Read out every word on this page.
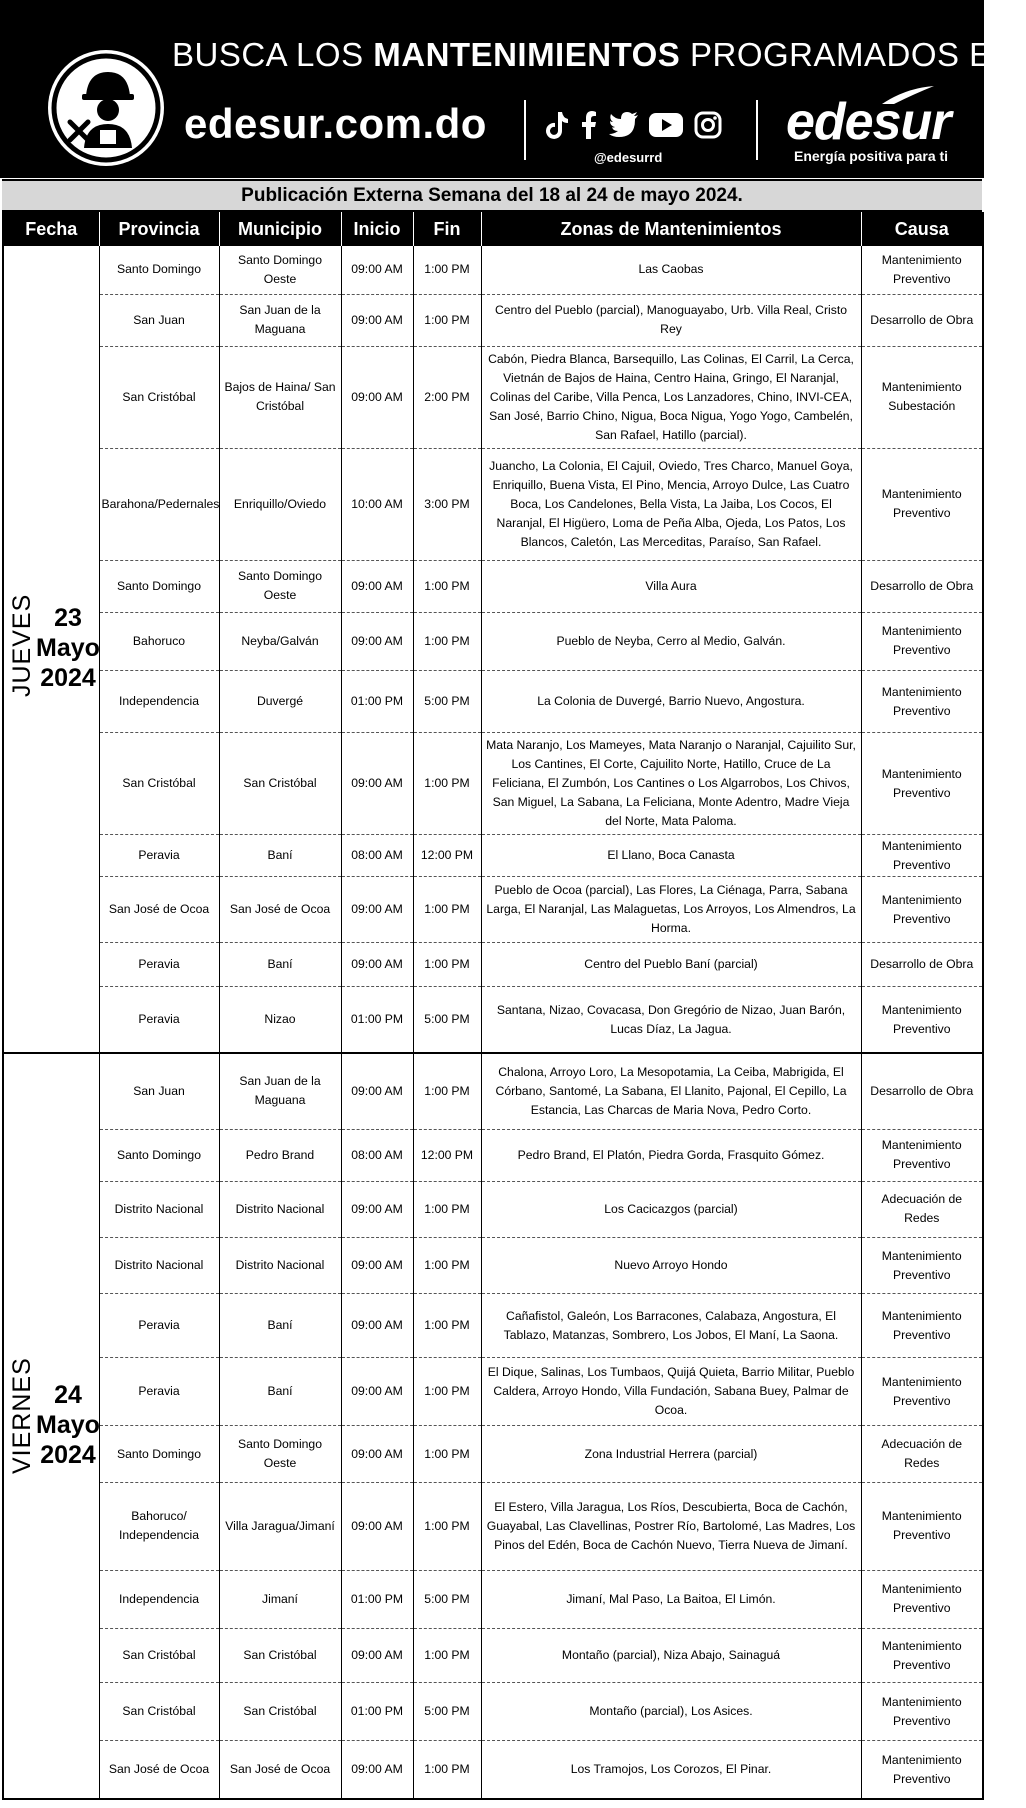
BUSCA LOS MANTENIMIENTOS PROGRAMADOS EN:
edesur.com.do

@edesurrd
edesur
Energía positiva para ti
Publicación Externa Semana del 18 al 24 de mayo 2024.
Fecha	Provincia	Municipio	Inicio	Fin	Zonas de Mantenimientos	Causa

JUEVES 23
Mayo
2024	Santo Domingo	Santo Domingo Oeste	09:00 AM	1:00 PM	Las Caobas	Mantenimiento Preventivo
	San Juan	San Juan de la Maguana	09:00 AM	1:00 PM	Centro del Pueblo (parcial), Manoguayabo, Urb. Villa Real, Cristo Rey	Desarrollo de Obra
	San Cristóbal	Bajos de Haina/ San Cristóbal	09:00 AM	2:00 PM	Cabón, Piedra Blanca, Barsequillo, Las Colinas, El Carril, La Cerca, Vietnán de Bajos de Haina, Centro Haina, Gringo, El Naranjal, Colinas del Caribe, Villa Penca, Los Lanzadores, Chino, INVI-CEA, San José, Barrio Chino, Nigua, Boca Nigua, Yogo Yogo, Cambelén, San Rafael, Hatillo (parcial).	Mantenimiento Subestación
	Barahona/Pedernales	Enriquillo/Oviedo	10:00 AM	3:00 PM	Juancho, La Colonia, El Cajuil, Oviedo, Tres Charco, Manuel Goya, Enriquillo, Buena Vista, El Pino, Mencia, Arroyo Dulce, Las Cuatro Boca, Los Candelones, Bella Vista, La Jaiba, Los Cocos, El Naranjal, El Higüero, Loma de Peña Alba, Ojeda, Los Patos, Los Blancos, Caletón, Las Merceditas, Paraíso, San Rafael.	Mantenimiento Preventivo
	Santo Domingo	Santo Domingo Oeste	09:00 AM	1:00 PM	Villa Aura	Desarrollo de Obra
	Bahoruco	Neyba/Galván	09:00 AM	1:00 PM	Pueblo de Neyba, Cerro al Medio, Galván.	Mantenimiento Preventivo
	Independencia	Duvergé	01:00 PM	5:00 PM	La Colonia de Duvergé, Barrio Nuevo, Angostura.	Mantenimiento Preventivo
	San Cristóbal	San Cristóbal	09:00 AM	1:00 PM	Mata Naranjo, Los Mameyes, Mata Naranjo o Naranjal, Cajuilito Sur, Los Cantines, El Corte, Cajuilito Norte, Hatillo, Cruce de La Feliciana, El Zumbón, Los Cantines o Los Algarrobos, Los Chivos, San Miguel, La Sabana, La Feliciana, Monte Adentro, Madre Vieja del Norte, Mata Paloma.	Mantenimiento Preventivo
	Peravia	Baní	08:00 AM	12:00 PM	El Llano, Boca Canasta	Mantenimiento Preventivo
	San José de Ocoa	San José de Ocoa	09:00 AM	1:00 PM	Pueblo de Ocoa (parcial), Las Flores, La Ciénaga, Parra, Sabana Larga, El Naranjal, Las Malaguetas, Los Arroyos, Los Almendros, La Horma.	Mantenimiento Preventivo
	Peravia	Baní	09:00 AM	1:00 PM	Centro del Pueblo Baní (parcial)	Desarrollo de Obra
	Peravia	Nizao	01:00 PM	5:00 PM	Santana, Nizao, Covacasa, Don Gregório de Nizao, Juan Barón, Lucas Díaz, La Jagua.	Mantenimiento Preventivo

VIERNES 24
Mayo
2024	San Juan	San Juan de la Maguana	09:00 AM	1:00 PM	Chalona, Arroyo Loro, La Mesopotamia, La Ceiba, Mabrigida, El Córbano, Santomé, La Sabana, El Llanito, Pajonal, El Cepillo, La Estancia, Las Charcas de Maria Nova, Pedro Corto.	Desarrollo de Obra
	Santo Domingo	Pedro Brand	08:00 AM	12:00 PM	Pedro Brand, El Platón, Piedra Gorda, Frasquito Gómez.	Mantenimiento Preventivo
	Distrito Nacional	Distrito Nacional	09:00 AM	1:00 PM	Los Cacicazgos (parcial)	Adecuación de Redes
	Distrito Nacional	Distrito Nacional	09:00 AM	1:00 PM	Nuevo Arroyo Hondo	Mantenimiento Preventivo
	Peravia	Baní	09:00 AM	1:00 PM	Cañafistol, Galeón, Los Barracones, Calabaza, Angostura, El Tablazo, Matanzas, Sombrero, Los Jobos, El Maní, La Saona.	Mantenimiento Preventivo
	Peravia	Baní	09:00 AM	1:00 PM	El Dique, Salinas, Los Tumbaos, Quijá Quieta, Barrio Militar, Pueblo Caldera, Arroyo Hondo, Villa Fundación, Sabana Buey, Palmar de Ocoa.	Mantenimiento Preventivo
	Santo Domingo	Santo Domingo Oeste	09:00 AM	1:00 PM	Zona Industrial Herrera (parcial)	Adecuación de Redes
	Bahoruco/ Independencia	Villa Jaragua/Jimaní	09:00 AM	1:00 PM	El Estero, Villa Jaragua, Los Ríos, Descubierta, Boca de Cachón, Guayabal, Las Clavellinas, Postrer Río, Bartolomé, Las Madres, Los Pinos del Edén, Boca de Cachón Nuevo, Tierra Nueva de Jimaní.	Mantenimiento Preventivo
	Independencia	Jimaní	01:00 PM	5:00 PM	Jimaní, Mal Paso, La Baitoa, El Limón.	Mantenimiento Preventivo
	San Cristóbal	San Cristóbal	09:00 AM	1:00 PM	Montaño (parcial), Niza Abajo, Sainaguá	Mantenimiento Preventivo
	San Cristóbal	San Cristóbal	01:00 PM	5:00 PM	Montaño (parcial), Los Asices.	Mantenimiento Preventivo
	San José de Ocoa	San José de Ocoa	09:00 AM	1:00 PM	Los Tramojos, Los Corozos, El Pinar.	Mantenimiento Preventivo
